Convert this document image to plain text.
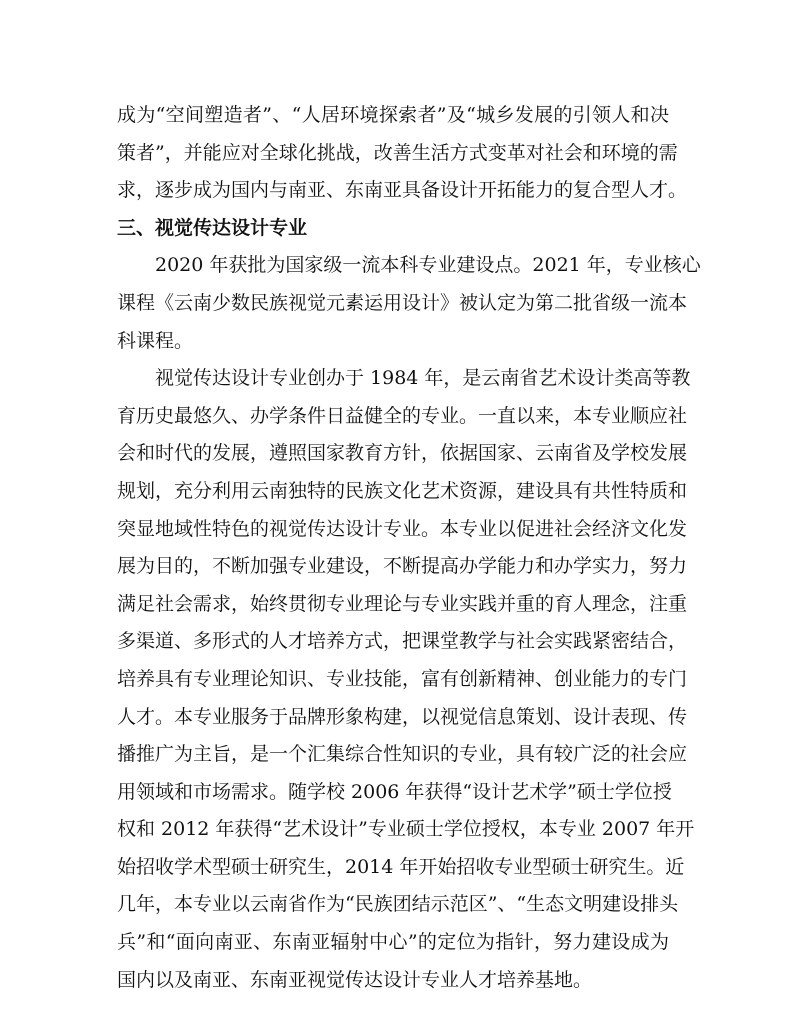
成为“空间塑造者”、“人居环境探索者”及“城乡发展的引领人和决
策者”，并能应对全球化挑战，改善生活方式变革对社会和环境的需
求，逐步成为国内与南亚、东南亚具备设计开拓能力的复合型人才。
三、视觉传达设计专业
　　2020 年获批为国家级一流本科专业建设点。2021 年，专业核心
课程《云南少数民族视觉元素运用设计》被认定为第二批省级一流本
科课程。
　　视觉传达设计专业创办于 1984 年，是云南省艺术设计类高等教
育历史最悠久、办学条件日益健全的专业。一直以来，本专业顺应社
会和时代的发展，遵照国家教育方针，依据国家、云南省及学校发展
规划，充分利用云南独特的民族文化艺术资源，建设具有共性特质和
突显地域性特色的视觉传达设计专业。本专业以促进社会经济文化发
展为目的，不断加强专业建设，不断提高办学能力和办学实力，努力
满足社会需求，始终贯彻专业理论与专业实践并重的育人理念，注重
多渠道、多形式的人才培养方式，把课堂教学与社会实践紧密结合，
培养具有专业理论知识、专业技能，富有创新精神、创业能力的专门
人才。本专业服务于品牌形象构建，以视觉信息策划、设计表现、传
播推广为主旨，是一个汇集综合性知识的专业，具有较广泛的社会应
用领域和市场需求。随学校 2006 年获得“设计艺术学”硕士学位授
权和 2012 年获得“艺术设计”专业硕士学位授权，本专业 2007 年开
始招收学术型硕士研究生，2014 年开始招收专业型硕士研究生。近
几年，本专业以云南省作为“民族团结示范区”、“生态文明建设排头
兵”和“面向南亚、东南亚辐射中心”的定位为指针，努力建设成为
国内以及南亚、东南亚视觉传达设计专业人才培养基地。
